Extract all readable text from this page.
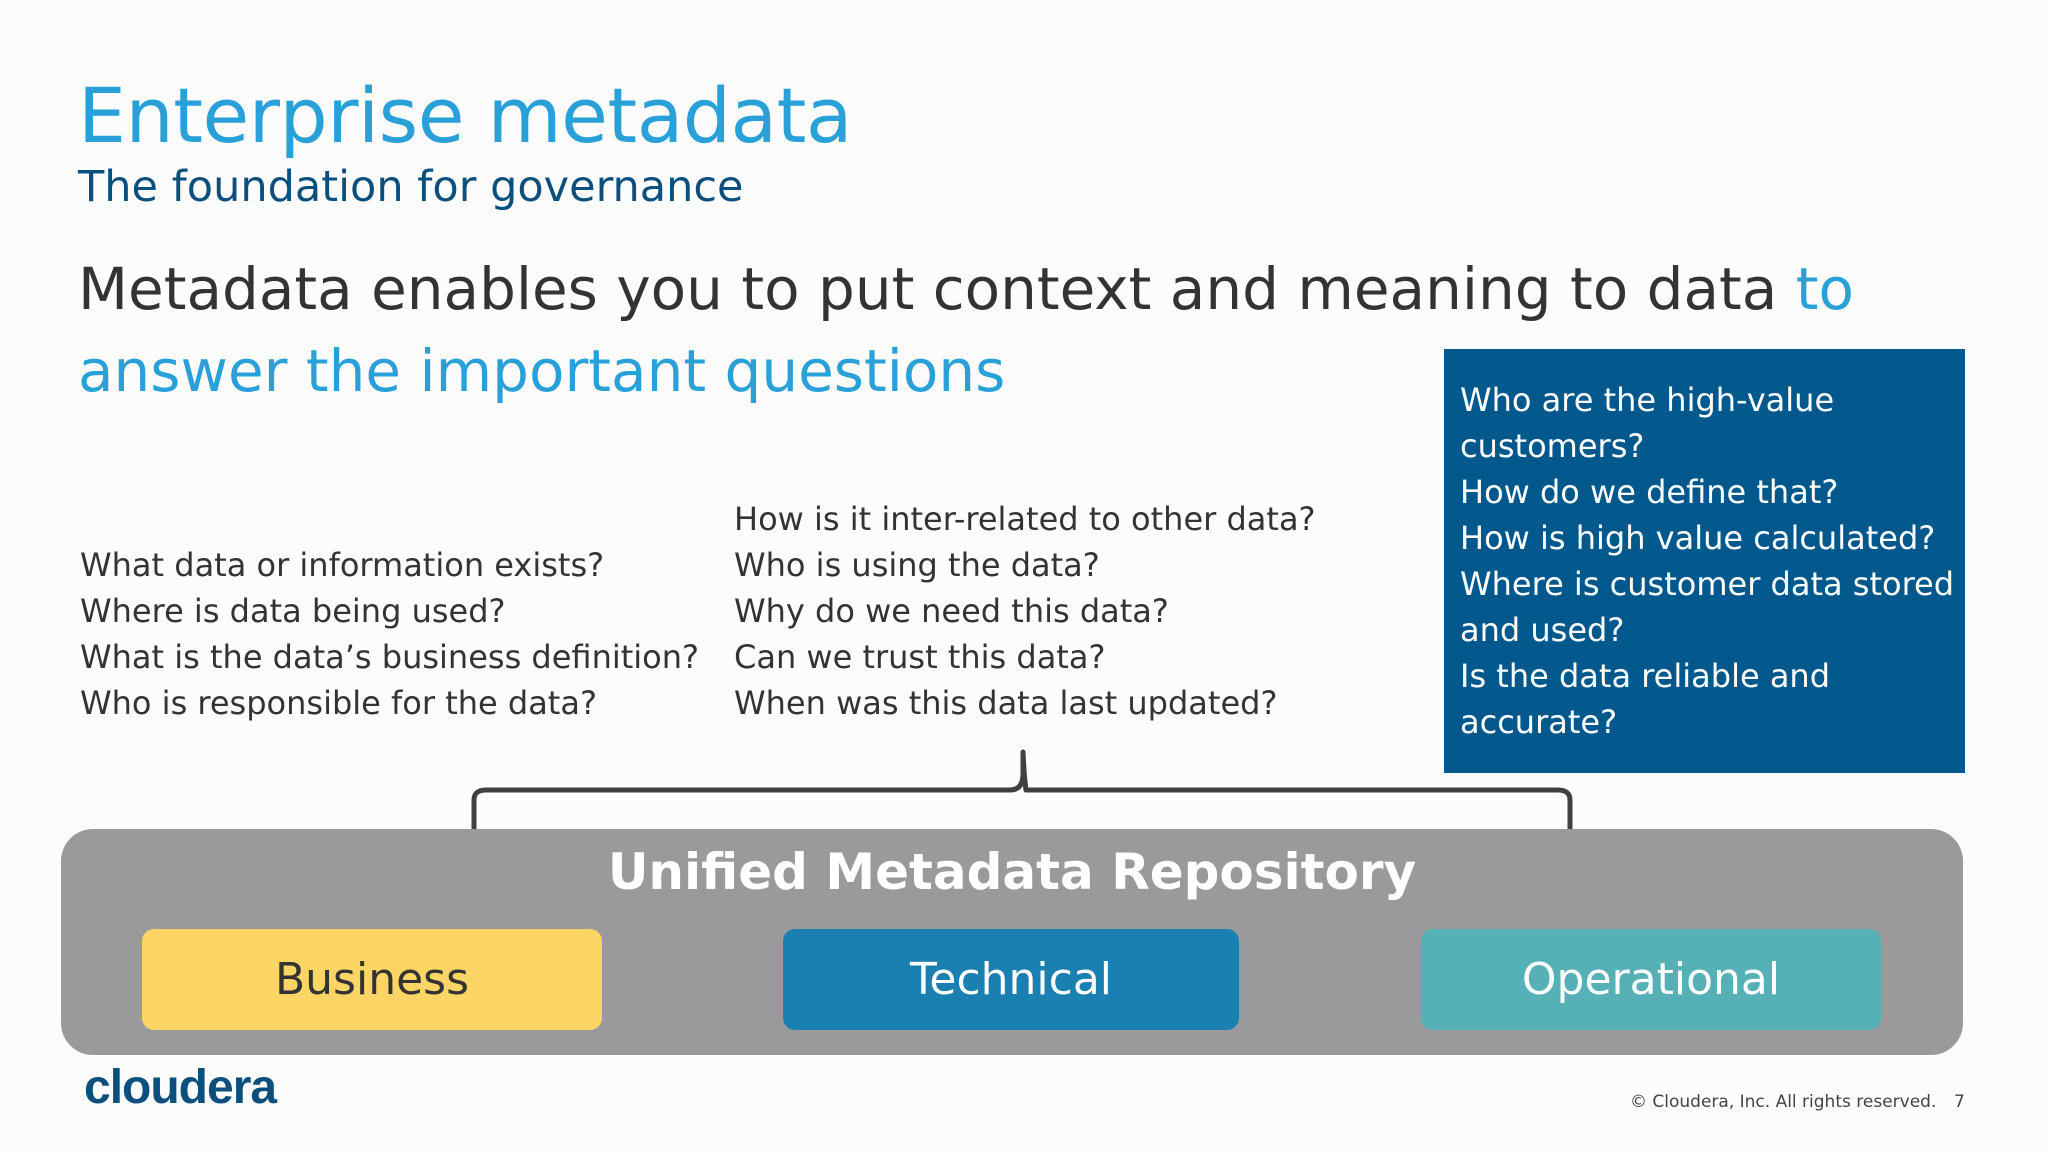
Enterprise metadata
The foundation for governance
Metadata enables you to put context and meaning to data to answer the important questions
What data or information exists?
Where is data being used?
What is the data’s business definition?
Who is responsible for the data?
How is it inter-related to other data?
Who is using the data?
Why do we need this data?
Can we trust this data?
When was this data last updated?
Who are the high-value
customers?
How do we define that?
How is high value calculated?
Where is customer data stored
and used?
Is the data reliable and
accurate?
Unified Metadata Repository
Business	Technical	Operational
cloudera	© Cloudera, Inc. All rights reserved. 7
